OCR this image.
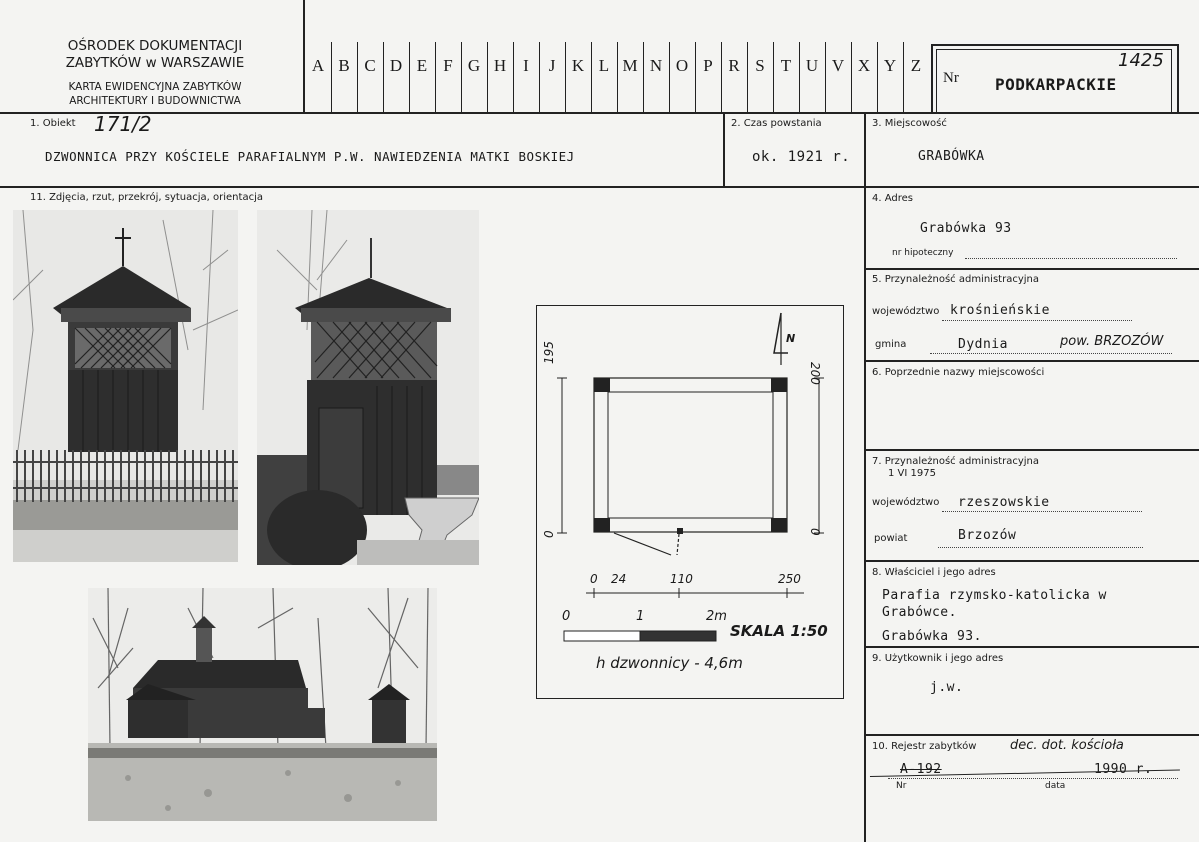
OŚRODEK DOKUMENTACJI
ZABYTKÓW w WARSZAWIE
KARTA EWIDENCYJNA ZABYTKÓW
ARCHITEKTURY I BUDOWNICTWA
A B C D E F G H	I	J K L M N O P R S T U V X Y Z
Nr PODKARPACKIE
1425
1. Obiekt 171/2
DZWONNICA PRZY KOŚCIELE PARAFIALNYM P.W. NAWIEDZENIA MATKI BOSKIEJ
2. Czas powstania
ok. 1921 r.
3. Miejscowość
GRABÓWKA
11. Zdjęcia, rzut, przekrój, sytuacja, orientacja
195
0
200
0
N
0 24	110	250
0	1	2m
SKALA 1:50
h dzwonnicy - 4,6m
4. Adres
Grabówka 93
nr hipoteczny
5. Przynależność administracyjna
województwo krośnieńskie
gmina	Dydnia	pow. BRZOZÓW
6. Poprzednie nazwy miejscowości
7. Przynależność administracyjna
1 VI 1975
województwo rzeszowskie
powiat	Brzozów
8. Właściciel i jego adres
Parafia rzymsko-katolicka w
Grabówce.
Grabówka 93.
9. Użytkownik i jego adres
j.w.
10. Rejestr zabytków	dec. dot. kościoła
A-192	1990 r.
Nr	data
